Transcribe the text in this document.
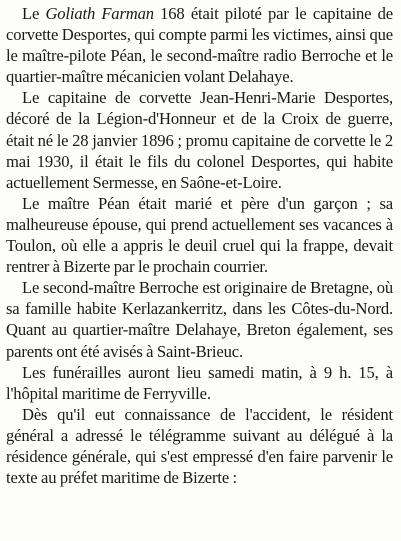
Le Goliath Farman 168 était piloté par le capitaine de corvette Desportes, qui compte parmi les victimes, ainsi que le maître-pilote Péan, le second-maître radio Berroche et le quartier-maître mécanicien volant Delahaye.

Le capitaine de corvette Jean-Henri-Marie Desportes, décoré de la Légion-d'Honneur et de la Croix de guerre, était né le 28 janvier 1896 ; promu capitaine de corvette le 2 mai 1930, il était le fils du colonel Desportes, qui habite actuellement Sermesse, en Saône-et-Loire.

Le maître Péan était marié et père d'un garçon ; sa malheureuse épouse, qui prend actuellement ses vacances à Toulon, où elle a appris le deuil cruel qui la frappe, devait rentrer à Bizerte par le prochain courrier.

Le second-maître Berroche est originaire de Bretagne, où sa famille habite Kerlazankerritz, dans les Côtes-du-Nord. Quant au quartier-maître Delahaye, Breton également, ses parents ont été avisés à Saint-Brieuc.

Les funérailles auront lieu samedi matin, à 9 h. 15, à l'hôpital maritime de Ferryville.

Dès qu'il eut connaissance de l'accident, le résident général a adressé le télégramme suivant au délégué à la résidence générale, qui s'est empressé d'en faire parvenir le texte au préfet maritime de Bizerte :
